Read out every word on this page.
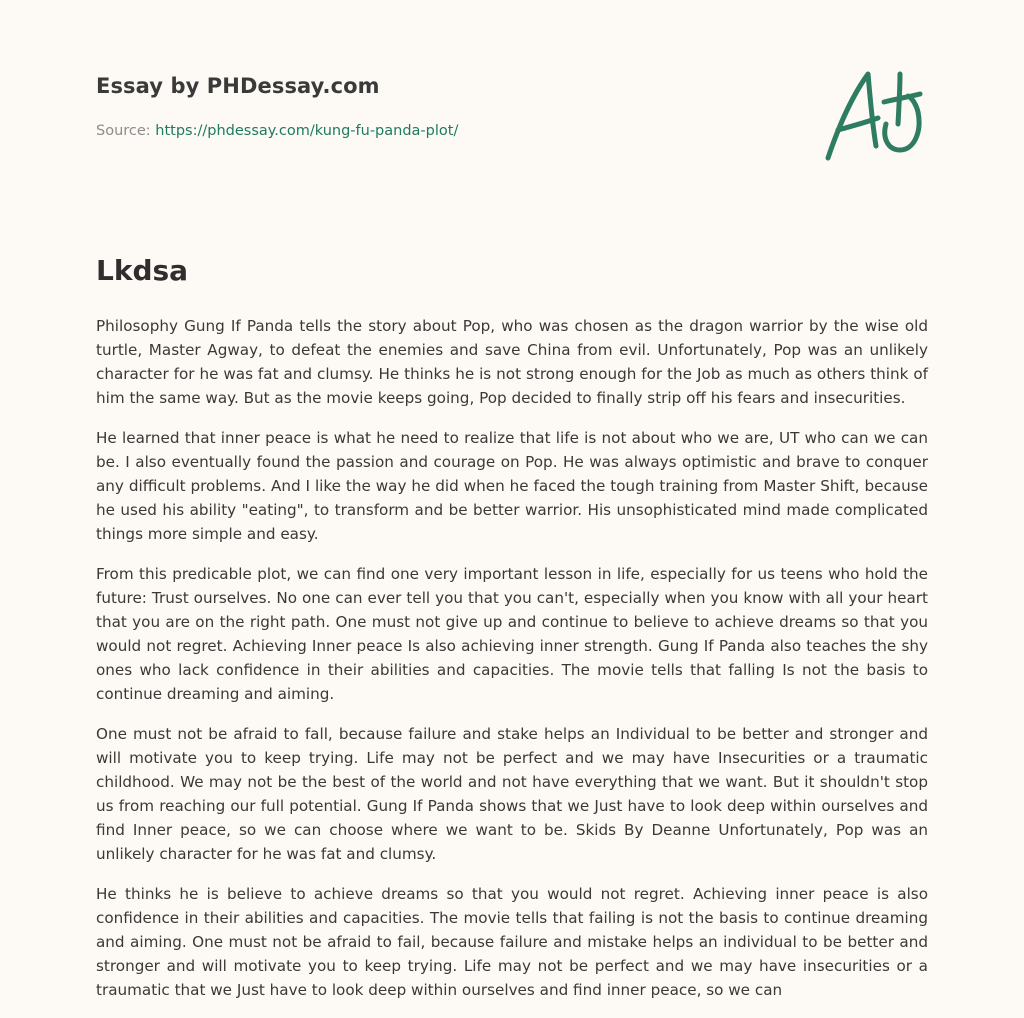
Essay by PHDessay.com
Source: https://phdessay.com/kung-fu-panda-plot/
Lkdsa

Philosophy Gung If Panda tells the story about Pop, who was chosen as the dragon warrior by the wise old turtle, Master Agway, to defeat the enemies and save China from evil. Unfortunately, Pop was an unlikely character for he was fat and clumsy. He thinks he is not strong enough for the Job as much as others think of him the same way. But as the movie keeps going, Pop decided to finally strip off his fears and insecurities.

He learned that inner peace is what he need to realize that life is not about who we are, UT who can we can be. I also eventually found the passion and courage on Pop. He was always optimistic and brave to conquer any difficult problems. And I like the way he did when he faced the tough training from Master Shift, because he used his ability "eating", to transform and be better warrior. His unsophisticated mind made complicated things more simple and easy.

From this predicable plot, we can find one very important lesson in life, especially for us teens who hold the future: Trust ourselves. No one can ever tell you that you can't, especially when you know with all your heart that you are on the right path. One must not give up and continue to believe to achieve dreams so that you would not regret. Achieving Inner peace Is also achieving inner strength. Gung If Panda also teaches the shy ones who lack confidence in their abilities and capacities. The movie tells that falling Is not the basis to continue dreaming and aiming.

One must not be afraid to fall, because failure and stake helps an Individual to be better and stronger and will motivate you to keep trying. Life may not be perfect and we may have Insecurities or a traumatic childhood. We may not be the best of the world and not have everything that we want. But it shouldn't stop us from reaching our full potential. Gung If Panda shows that we Just have to look deep within ourselves and find Inner peace, so we can choose where we want to be. Skids By Deanne Unfortunately, Pop was an unlikely character for he was fat and clumsy.

He thinks he is believe to achieve dreams so that you would not regret. Achieving inner peace is also confidence in their abilities and capacities. The movie tells that failing is not the basis to continue dreaming and aiming. One must not be afraid to fail, because failure and mistake helps an individual to be better and stronger and will motivate you to keep trying. Life may not be perfect and we may have insecurities or a traumatic that we Just have to look deep within ourselves and find inner peace, so we can
